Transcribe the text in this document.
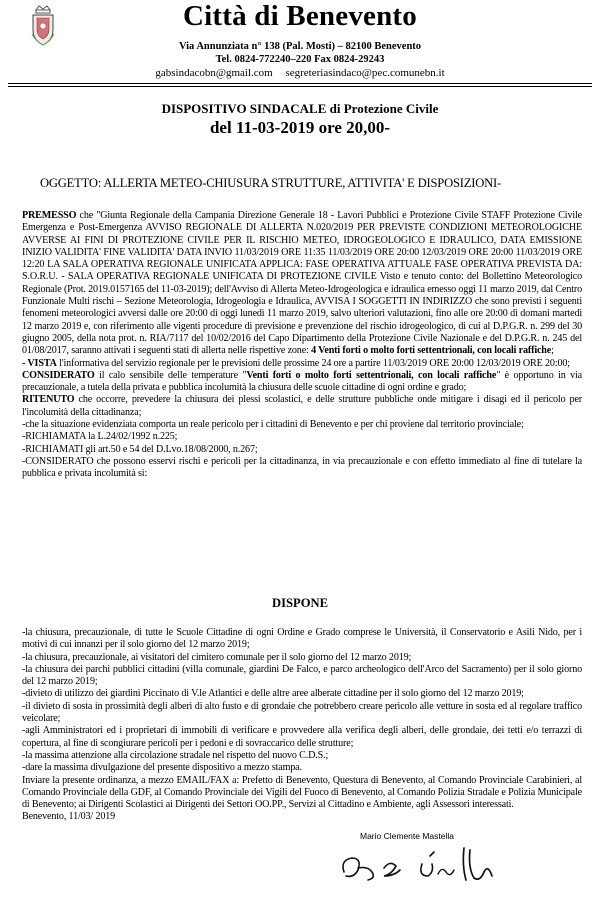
Città di Benevento
Via Annunziata n° 138 (Pal. Mosti) – 82100 Benevento
Tel. 0824-772240–220 Fax 0824-29243
gabsindacobn@gmail.com segreteriasindaco@pec.comunebn.it
DISPOSITIVO SINDACALE di Protezione Civile
del 11-03-2019 ore 20,00-
OGGETTO: ALLERTA METEO-CHIUSURA STRUTTURE, ATTIVITA' E DISPOSIZIONI-

PREMESSO che "Giunta Regionale della Campania Direzione Generale 18 - Lavori Pubblici e Protezione Civile STAFF Protezione Civile Emergenza e Post-Emergenza AVVISO REGIONALE DI ALLERTA N.020/2019 PER PREVISTE CONDIZIONI METEOROLOGICHE AVVERSE AI FINI DI PROTEZIONE CIVILE PER IL RISCHIO METEO, IDROGEOLOGICO E IDRAULICO, DATA EMISSIONE INIZIO VALIDITA' FINE VALIDITA' DATA INVIO 11/03/2019 ORE 11:35 11/03/2019 ORE 20:00 12/03/2019 ORE 20:00 11/03/2019 ORE 12:20 LA SALA OPERATIVA REGIONALE UNIFICATA APPLICA: FASE OPERATIVA ATTUALE FASE OPERATIVA PREVISTA DA: S.O.R.U. - SALA OPERATIVA REGIONALE UNIFICATA DI PROTEZIONE CIVILE Visto e tenuto conto: del Bollettino Meteorologico Regionale (Prot. 2019.0157165 del 11-03-2019); dell'Avviso di Allerta Meteo-Idrogeologica e idraulica emesso oggi 11 marzo 2019, dal Centro Funzionale Multi rischi – Sezione Meteorologia, Idrogeologia e Idraulica, AVVISA I SOGGETTI IN INDIRIZZO che sono previsti i seguenti fenomeni meteorologici avversi dalle ore 20:00 di oggi lunedì 11 marzo 2019, salvo ulteriori valutazioni, fino alle ore 20:00 di domani martedì 12 marzo 2019 e, con riferimento alle vigenti procedure di previsione e prevenzione del rischio idrogeologico, di cui al D.P.G.R. n. 299 del 30 giugno 2005, della nota prot. n. RIA/7117 del 10/02/2016 del Capo Dipartimento della Protezione Civile Nazionale e del D.P.G.R. n. 245 del 01/08/2017, saranno attivati i seguenti stati di allerta nelle rispettive zone: 4 Venti forti o molto forti settentrionali, con locali raffiche;

- VISTA l'informativa del servizio regionale per le previsioni delle prossime 24 ore a partire 11/03/2019 ORE 20:00 12/03/2019 ORE 20:00;

CONSIDERATO il calo sensibile delle temperature "Venti forti o molto forti settentrionali, con locali raffiche" è opportuno in via precauzionale, a tutela della privata e pubblica incolumità la chiusura delle scuole cittadine di ogni ordine e grado;

RITENUTO che occorre, prevedere la chiusura dei plessi scolastici, e delle strutture pubbliche onde mitigare i disagi ed il pericolo per l'incolumità della cittadinanza;

-che la situazione evidenziata comporta un reale pericolo per i cittadini di Benevento e per chi proviene dal territorio provinciale;

-RICHIAMATA la L.24/02/1992 n.225;

-RICHIAMATI gli art.50 e 54 del D.Lvo.18/08/2000, n.267;

-CONSIDERATO che possono esservi rischi e pericoli per la cittadinanza, in via precauzionale e con effetto immediato al fine di tutelare la pubblica e privata incolumità si:

DISPONE

-la chiusura, precauzionale, di tutte le Scuole Cittadine di ogni Ordine e Grado comprese le Università, il Conservatorio e Asili Nido, per i motivi di cui innanzi per il solo giorno del 12 marzo 2019;

-la chiusura, precauzionale, ai visitatori del cimitero comunale per il solo giorno del 12 marzo 2019;

-la chiusura dei parchi pubblici cittadini (villa comunale, giardini De Falco, e parco archeologico dell'Arco del Sacramento) per il solo giorno del 12 marzo 2019;

-divieto di utilizzo dei giardini Piccinato di V.le Atlantici e delle altre aree alberate cittadine per il solo giorno del 12 marzo 2019;

-il divieto di sosta in prossimità degli alberi di alto fusto e di grondaie che potrebbero creare pericolo alle vetture in sosta ed al regolare traffico veicolare;

-agli Amministratori ed i proprietari di immobili di verificare e provvedere alla verifica degli alberi, delle grondaie, dei tetti e/o terrazzi di copertura, al fine di scongiurare pericoli per i pedoni e di sovraccarico delle strutture;

-la massima attenzione alla circolazione stradale nel rispetto del nuovo C.D.S.;

-dare la massima divulgazione del presente dispositivo a mezzo stampa.

Inviare la presente ordinanza, a mezzo EMAIL/FAX a: Prefetto di Benevento, Questura di Benevento, al Comando Provinciale Carabinieri, al Comando Provinciale della GDF, al Comando Provinciale dei Vigili del Fuoco di Benevento, al Comando Polizia Stradale e Polizia Municipale di Benevento; ai Dirigenti Scolastici ai Dirigenti dei Settori OO.PP., Servizi al Cittadino e Ambiente, agli Assessori interessati.

Benevento, 11/03/ 2019

Mario Clemente Mastella
